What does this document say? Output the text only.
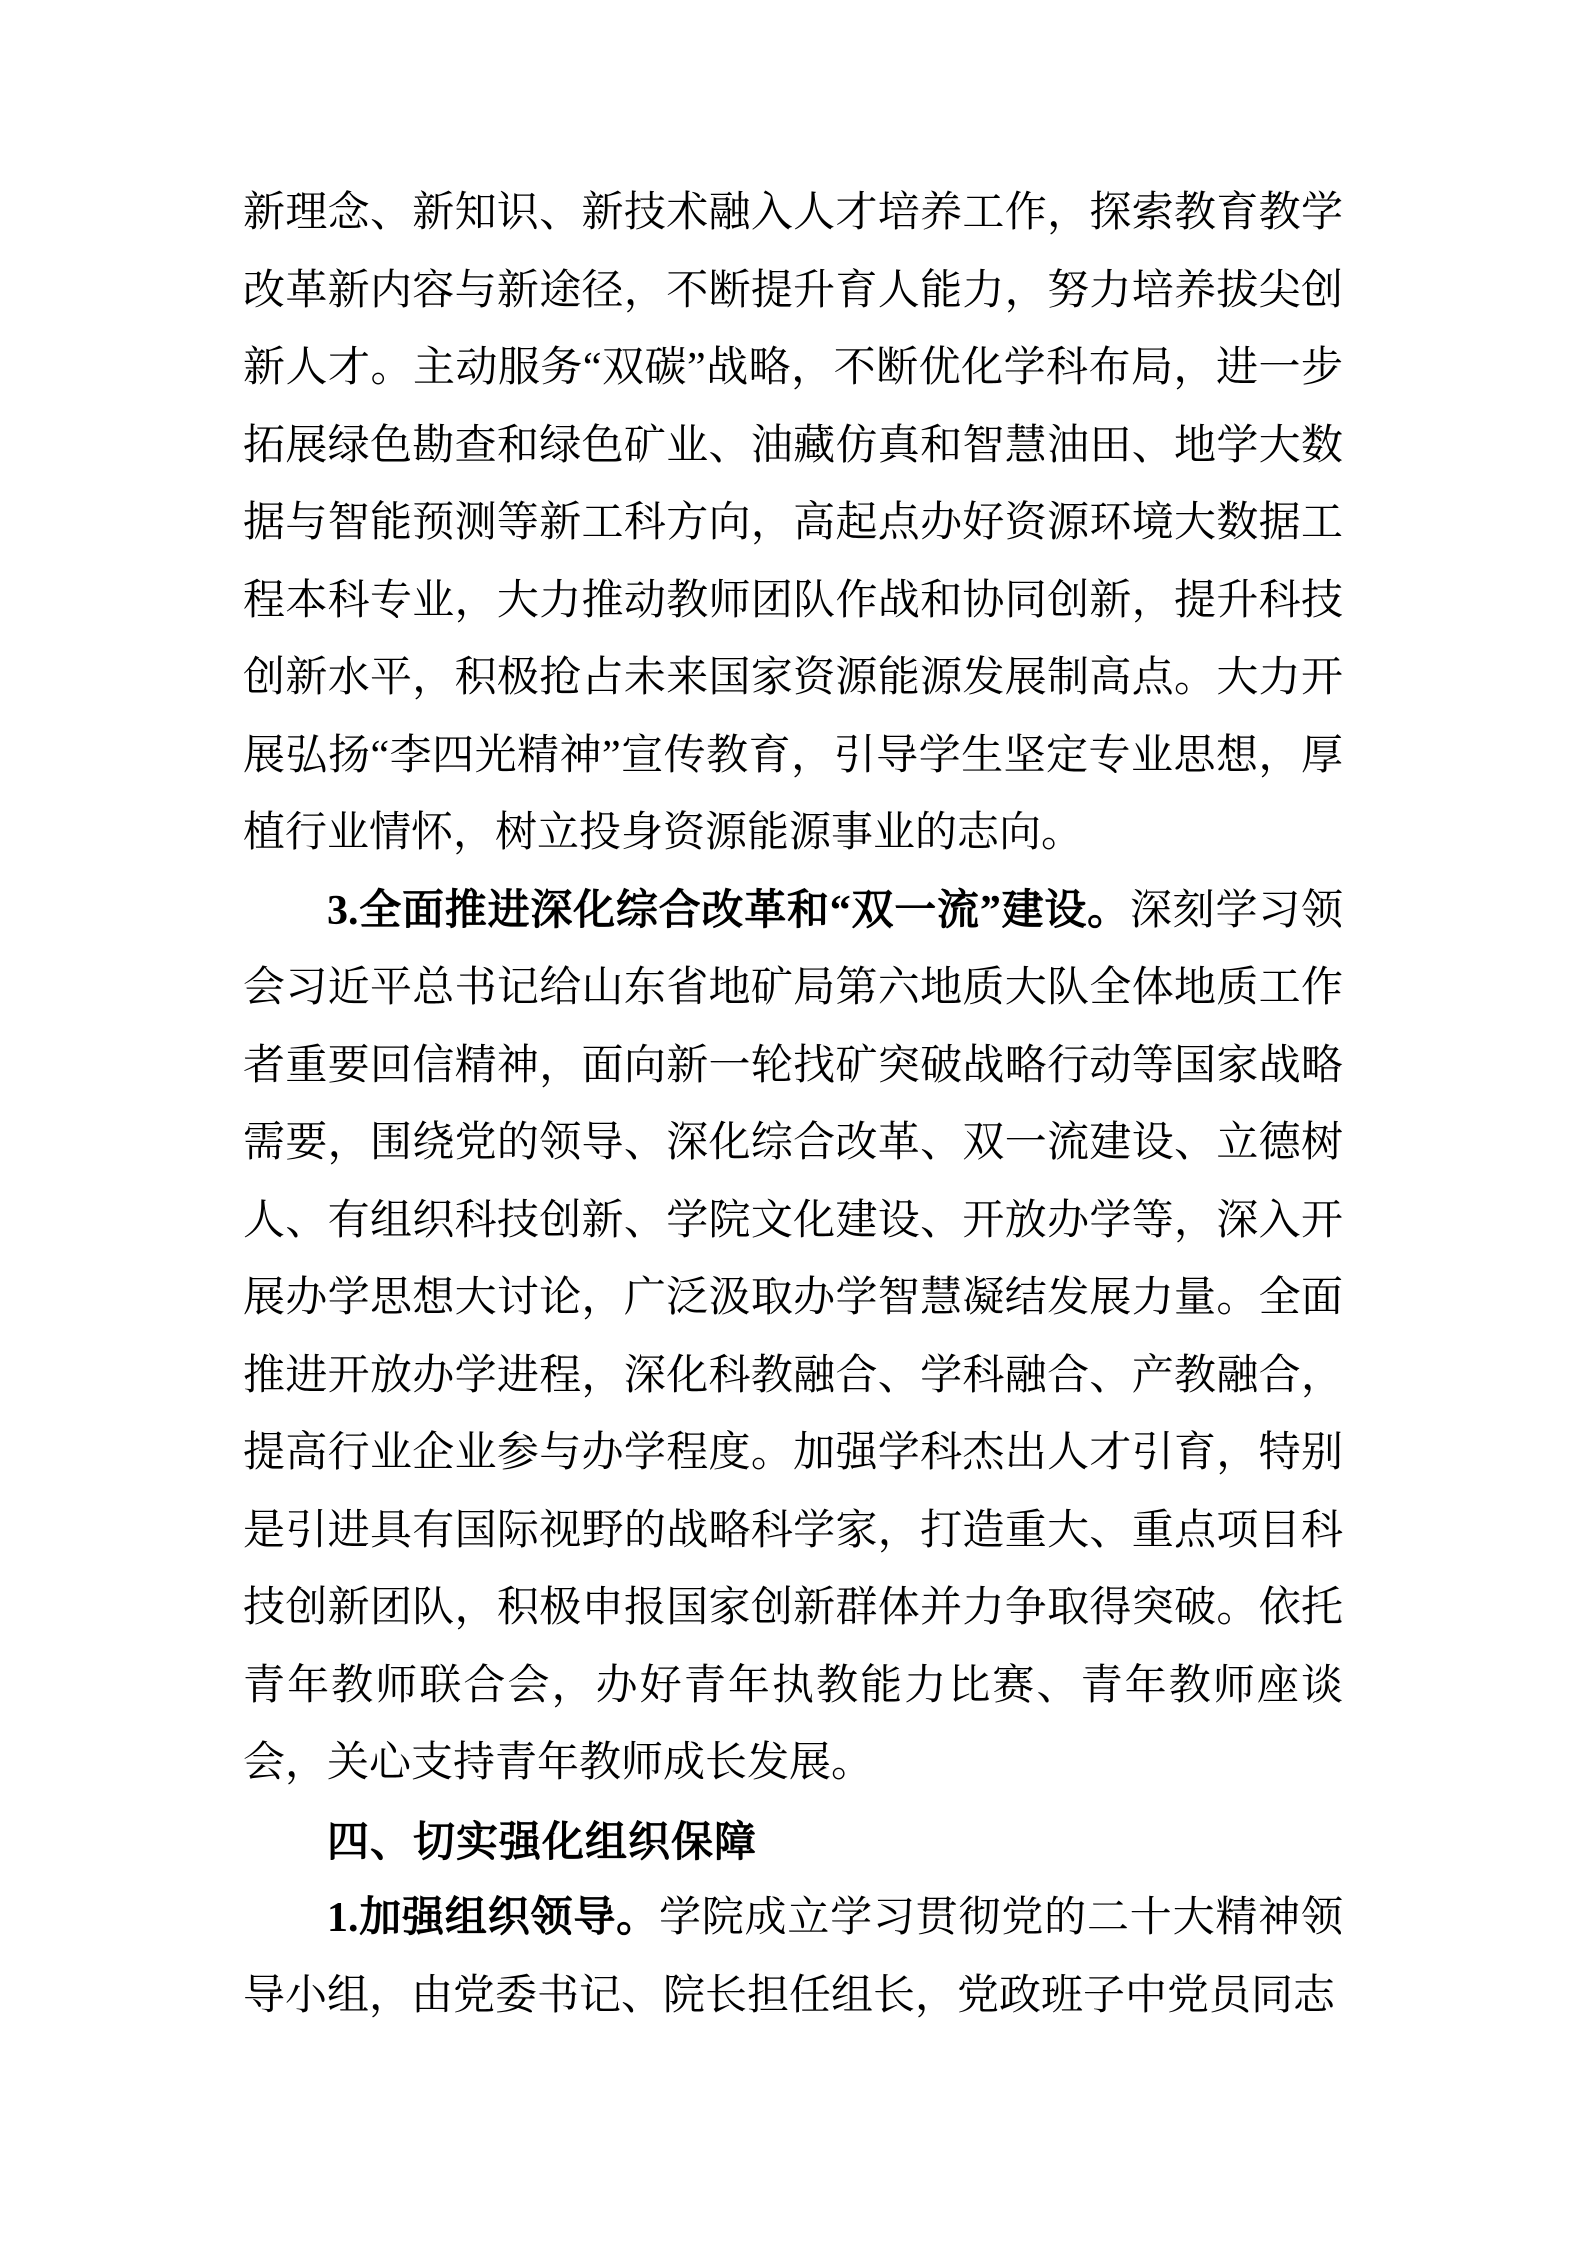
新理念、新知识、新技术融入人才培养工作，探索教育教学改革新内容与新途径，不断提升育人能力，努力培养拔尖创新人才。主动服务“双碳”战略，不断优化学科布局，进一步拓展绿色勘查和绿色矿业、油藏仿真和智慧油田、地学大数据与智能预测等新工科方向，高起点办好资源环境大数据工程本科专业，大力推动教师团队作战和协同创新，提升科技创新水平，积极抢占未来国家资源能源发展制高点。大力开展弘扬“李四光精神”宣传教育，引导学生坚定专业思想，厚植行业情怀，树立投身资源能源事业的志向。

3.全面推进深化综合改革和“双一流”建设。深刻学习领会习近平总书记给山东省地矿局第六地质大队全体地质工作者重要回信精神，面向新一轮找矿突破战略行动等国家战略需要，围绕党的领导、深化综合改革、双一流建设、立德树人、有组织科技创新、学院文化建设、开放办学等，深入开展办学思想大讨论，广泛汲取办学智慧凝结发展力量。全面推进开放办学进程，深化科教融合、学科融合、产教融合，提高行业企业参与办学程度。加强学科杰出人才引育，特别是引进具有国际视野的战略科学家，打造重大、重点项目科技创新团队，积极申报国家创新群体并力争取得突破。依托青年教师联合会，办好青年执教能力比赛、青年教师座谈会，关心支持青年教师成长发展。

四、切实强化组织保障

1.加强组织领导。学院成立学习贯彻党的二十大精神领导小组，由党委书记、院长担任组长，党政班子中党员同志
